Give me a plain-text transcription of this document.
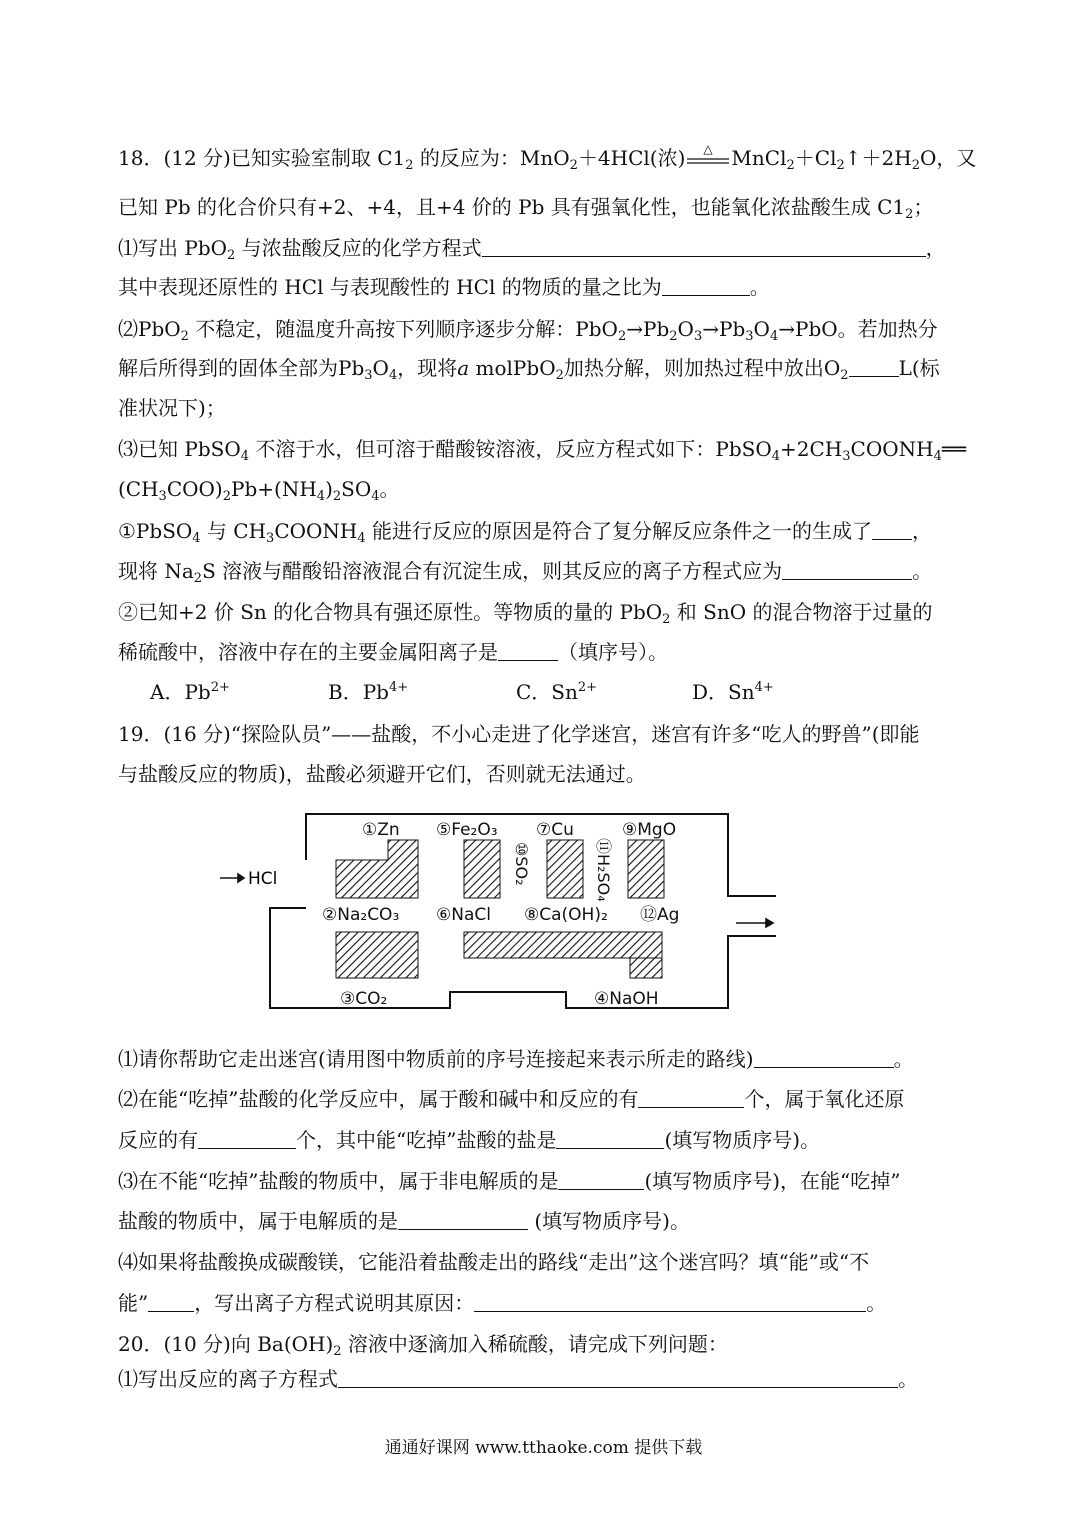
18．(12 分)已知实验室制取 $C1_2$ 的反应为：MnO$_2$＋4HCl(浓) △ $MnCl_2+Cl_2↑+2H_2O$，又
已知 Pb 的化合价只有+2、+4，且+4 价的 Pb 具有强氧化性，也能氧化浓盐酸生成 $C1_2$；
⑴写出 PbO$_2$ 与浓盐酸反应的化学方程式	，
其中表现还原性的 HCl 与表现酸性的 HCl 的物质的量之比为	。
⑵PbO$_2$ 不稳定，随温度升高按下列顺序逐步分解：$PbO_2\to Pb_2O_3\to Pb_3O_4\to PbO$。若加热分
解后所得到的固体全部为$Pb_3O_4$，现将a molPbO$_2$加热分解，则加热过程中放出$O_2$	L(标
准状况下)；
⑶已知 PbSO$_4$ 不溶于水，但可溶于醋酸铵溶液，反应方程式如下：$PbSO_4+2CH_3COONH_4══$
$(CH_3COO)_2Pb+(NH_4)_2SO_4$。
①PbSO$_4$ 与 $CH_3COONH_4$ 能进行反应的原因是符合了复分解反应条件之一的生成了 ，
现将 $Na_2S$ 溶液与醋酸铅溶液混合有沉淀生成，则其反应的离子方程式应为	。
②已知+2 价 Sn 的化合物具有强还原性。等物质的量的 PbO$_2$ 和 SnO 的混合物溶于过量的
稀硫酸中，溶液中存在的主要金属阳离子是	（填序号）。
A．$Pb^{2+}$	B．$Pb^{4+}$	C．$Sn^{2+}$	D．$Sn^{4+}$
19．(16 分)“探险队员”——盐酸，不小心走进了化学迷宫，迷宫有许多“吃人的野兽”(即能
与盐酸反应的物质)，盐酸必须避开它们，否则就无法通过。
HCl
①Zn ⑤Fe₂O₃ ⑦Cu	⑨MgO
②Na₂CO₃ ⑥NaCl ⑧Ca(OH)₂ ⑫Ag
③CO₂	④NaOH
⑩SO₂	⑪H₂SO₄
⑴请你帮助它走出迷宫(请用图中物质前的序号连接起来表示所走的路线)	。
⑵在能“吃掉”盐酸的化学反应中，属于酸和碱中和反应的有	个，属于氧化还原
反应的有	个，其中能“吃掉”盐酸的盐是	(填写物质序号)。
⑶在不能“吃掉”盐酸的物质中，属于非电解质的是	(填写物质序号)，在能“吃掉”
盐酸的物质中，属于电解质的是	(填写物质序号)。
⑷如果将盐酸换成碳酸镁，它能沿着盐酸走出的路线“走出”这个迷宫吗？填“能”或“不
能” ，写出离子方程式说明其原因：	。
20．(10 分)向 $Ba(OH)_2$ 溶液中逐滴加入稀硫酸，请完成下列问题：
⑴写出反应的离子方程式	。
通通好课网 www.tthaoke.com 提供下载
